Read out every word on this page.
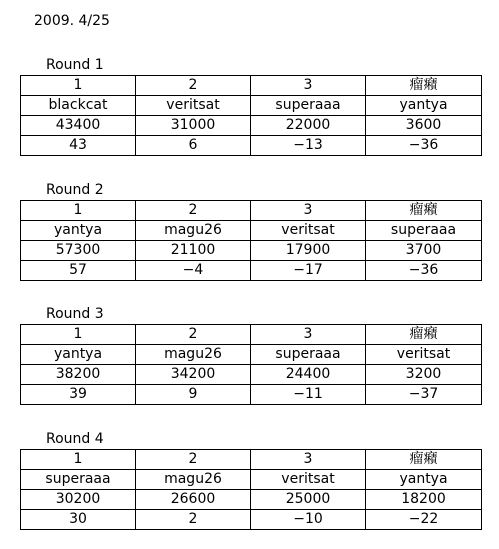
2009. 4/25
Round 1
1	2	3	瘤癪
blackcat	veritsat	superaaa	yantya
43400	31000	22000	3600
43	6	−13	−36
Round 2
1	2	3	瘤癪
yantya	magu26	veritsat	superaaa
57300	21100	17900	3700
57	−4	−17	−36
Round 3
1	2	3	瘤癪
yantya	magu26	superaaa	veritsat
38200	34200	24400	3200
39	9	−11	−37
Round 4
1	2	3	瘤癪
superaaa	magu26	veritsat	yantya
30200	26600	25000	18200
30	2	−10	−22
